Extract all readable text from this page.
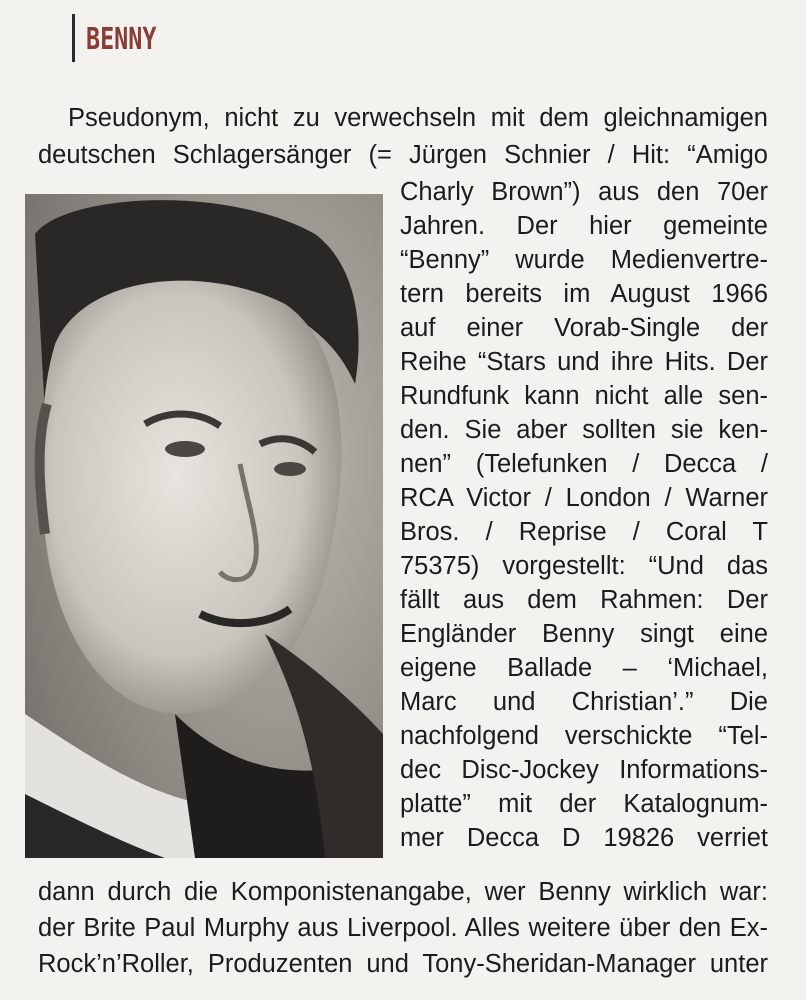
BENNY
Pseudonym, nicht zu verwechseln mit dem gleichnamigen
deutschen Schlagersänger (= Jürgen Schnier / Hit: “Amigo
Charly Brown”) aus den 70er
Jahren. Der hier gemeinte
“Benny” wurde Medienvertre-
tern bereits im August 1966
auf einer Vorab-Single der
Reihe “Stars und ihre Hits. Der
Rundfunk kann nicht alle sen-
den. Sie aber sollten sie ken-
nen” (Telefunken / Decca /
RCA Victor / London / Warner
Bros. / Reprise / Coral T
75375) vorgestellt: “Und das
fällt aus dem Rahmen: Der
Engländer Benny singt eine
eigene Ballade – ‘Michael,
Marc und Christian’.” Die
nachfolgend verschickte “Tel-
dec Disc-Jockey Informations-
platte” mit der Katalognum-
mer Decca D 19826 verriet
dann durch die Komponistenangabe, wer Benny wirklich war:
der Brite Paul Murphy aus Liverpool. Alles weitere über den Ex-
Rock’n’Roller, Produzenten und Tony-Sheridan-Manager unter
